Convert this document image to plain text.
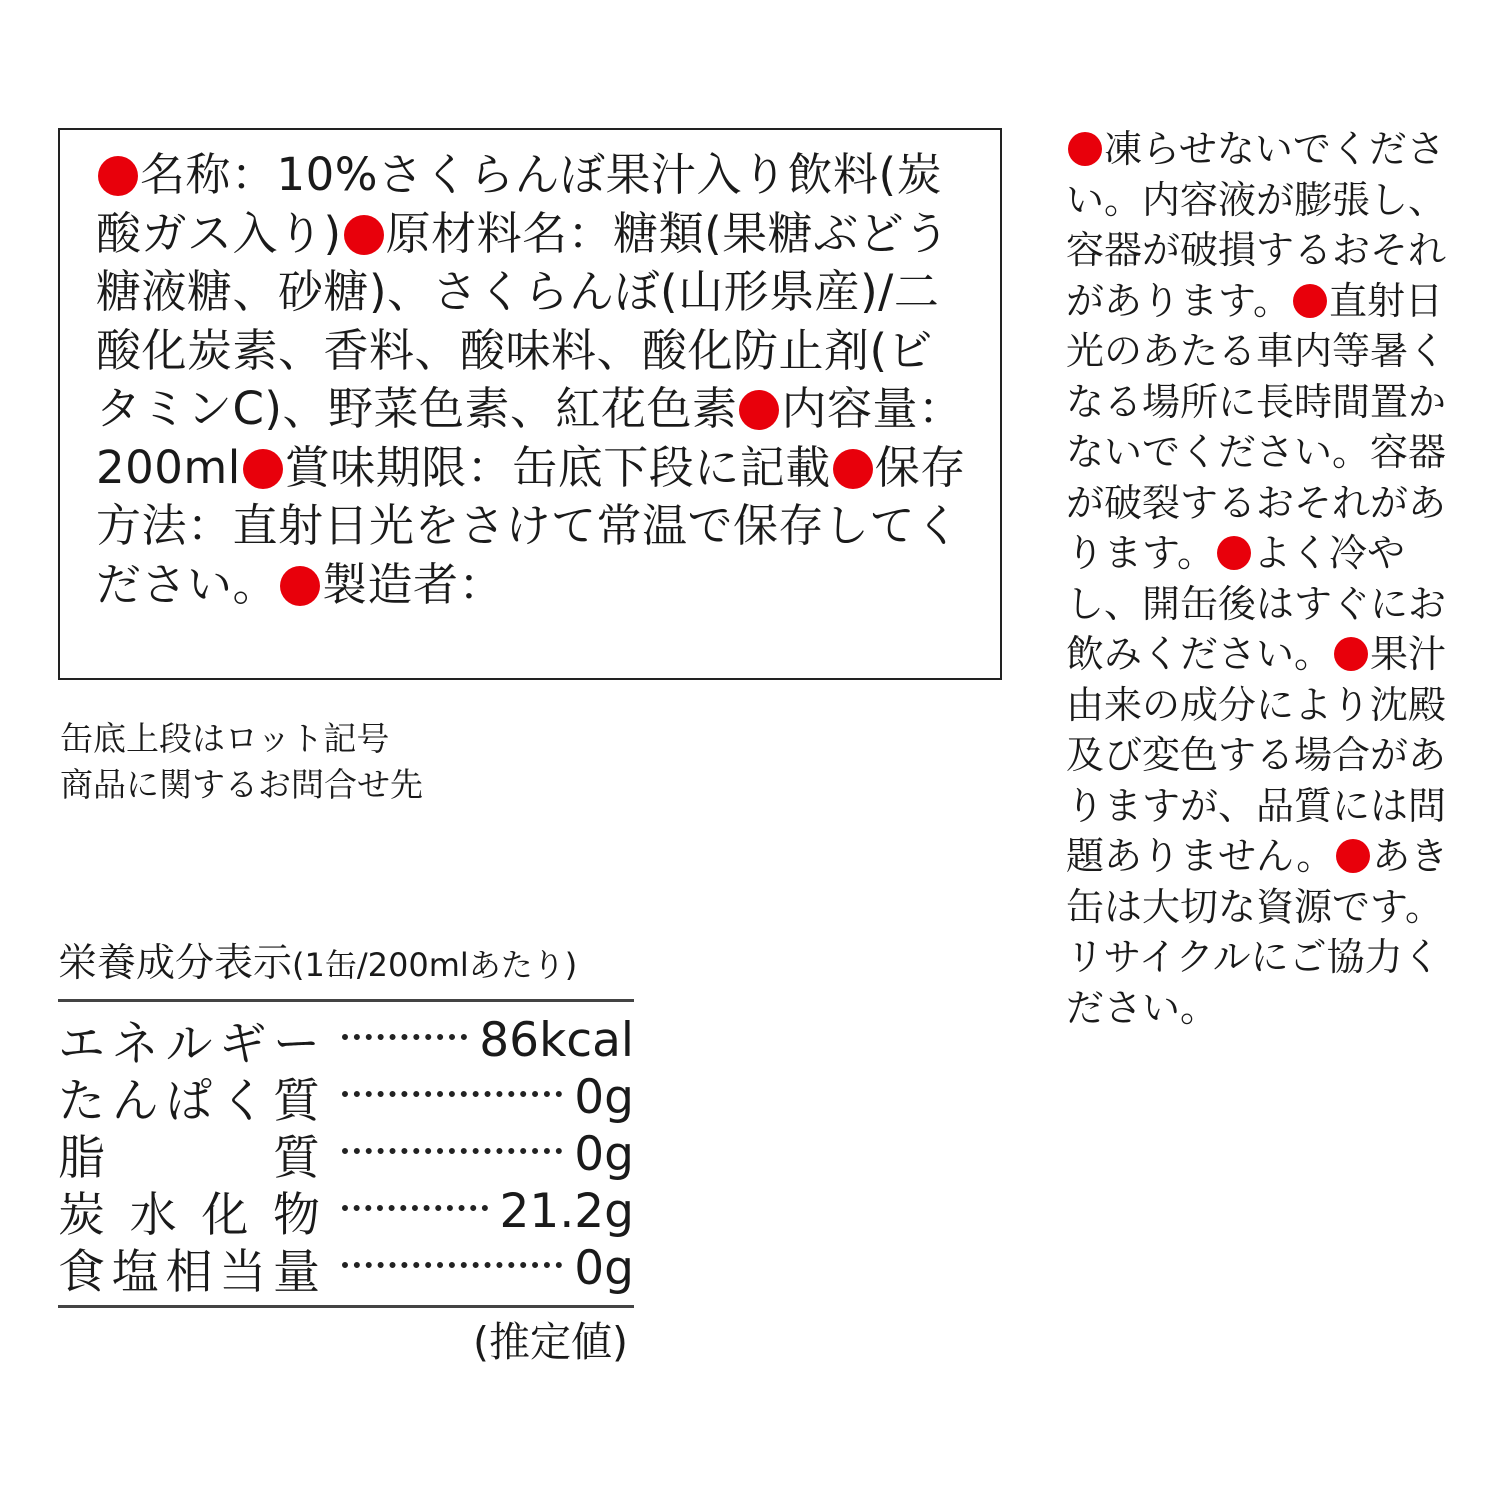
名称：10%さくらんぼ果汁入り飲料(炭酸ガス入り) 原材料名：糖類(果糖ぶどう糖液糖、砂糖)、さくらんぼ(山形県産)/二酸化炭素、香料、酸味料、酸化防止剤(ビタミンC)、野菜色素、紅花色素 内容量：200ml 賞味期限：缶底下段に記載 保存方法：直射日光をさけて常温で保存してください。 製造者：
缶底上段はロット記号
商品に関するお問合せ先
凍らせないでください。内容液が膨張し、容器が破損するおそれがあります。 直射日光のあたる車内等暑くなる場所に長時間置かないでください。容器が破裂するおそれがあります。 よく冷やし、開缶後はすぐにお飲みください。 果汁由来の成分により沈殿及び変色する場合がありますが、品質には問題ありません。 あき缶は大切な資源です。リサイクルにご協力ください。
栄養成分表示(1缶/200mlあたり)
エ ネ ル ギ ー	86kcal
た ん ぱ く 質	0g
脂	質	0g
炭 水 化 物	21.2g
食 塩 相 当 量	0g
(推定値)
